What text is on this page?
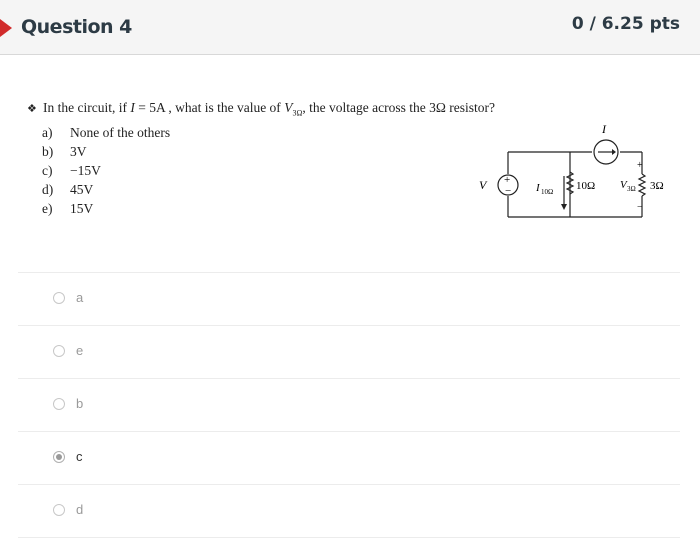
Question 4	0 / 6.25 pts
❖ In the circuit, if I = 5A , what is the value of $V_{3\Omega}$, the voltage across the 3Ω resistor?
a) None of the others
b) 3V
c) −15V
d) 45V
e) 15V
+
−
I
V	I 10Ω 10Ω
+
−
V 3Ω 3Ω
a
e
b
c
d
